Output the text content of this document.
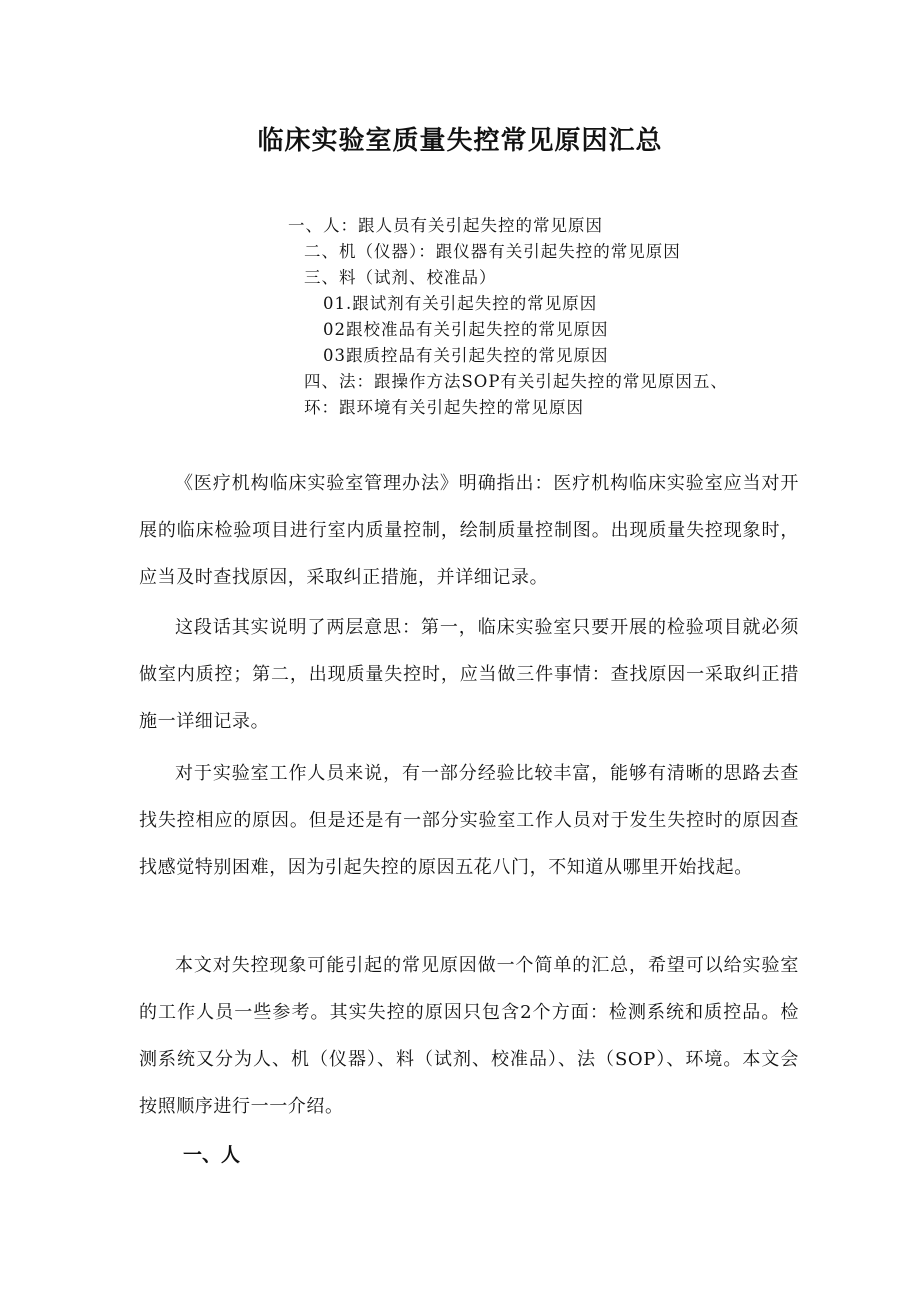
临床实验室质量失控常见原因汇总
一、人：跟人员有关引起失控的常见原因
二、机（仪器）：跟仪器有关引起失控的常见原因
三、料（试剂、校准品）
01.跟试剂有关引起失控的常见原因
02跟校准品有关引起失控的常见原因
03跟质控品有关引起失控的常见原因
四、法：跟操作方法SOP有关引起失控的常见原因五、
环：跟环境有关引起失控的常见原因

《医疗机构临床实验室管理办法》明确指出：医疗机构临床实验室应当对开展的临床检验项目进行室内质量控制，绘制质量控制图。出现质量失控现象时，应当及时查找原因，采取纠正措施，并详细记录。

这段话其实说明了两层意思：第一，临床实验室只要开展的检验项目就必须做室内质控；第二，出现质量失控时，应当做三件事情：查找原因一采取纠正措施一详细记录。

对于实验室工作人员来说，有一部分经验比较丰富，能够有清晰的思路去查找失控相应的原因。但是还是有一部分实验室工作人员对于发生失控时的原因查找感觉特别困难，因为引起失控的原因五花八门，不知道从哪里开始找起。

本文对失控现象可能引起的常见原因做一个简单的汇总，希望可以给实验室的工作人员一些参考。其实失控的原因只包含2个方面：检测系统和质控品。检测系统又分为人、机（仪器）、料（试剂、校准品）、法（SOP）、环境。本文会按照顺序进行一一介绍。

一、人
